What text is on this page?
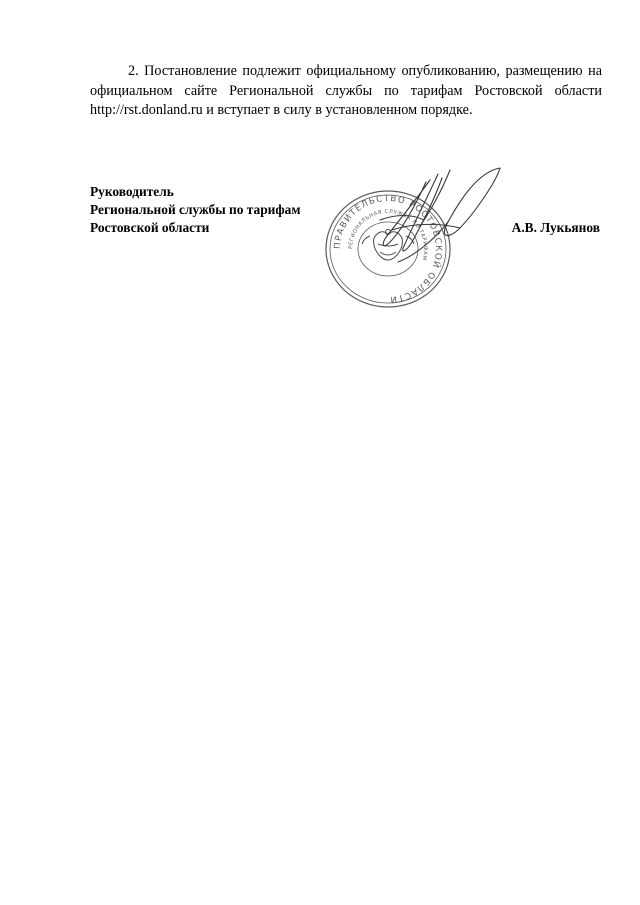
2. Постановление подлежит официальному опубликованию, размещению на официальном сайте Региональной службы по тарифам Ростовской области http://rst.donland.ru и вступает в силу в установленном порядке.

Руководитель
Региональной службы по тарифам
Ростовской области	А.В. Лукьянов
ПРАВИТЕЛЬСТВО РОСТОВСКОЙ ОБЛАСТИ
РЕГИОНАЛЬНАЯ СЛУЖБА ПО ТАРИФАМ
